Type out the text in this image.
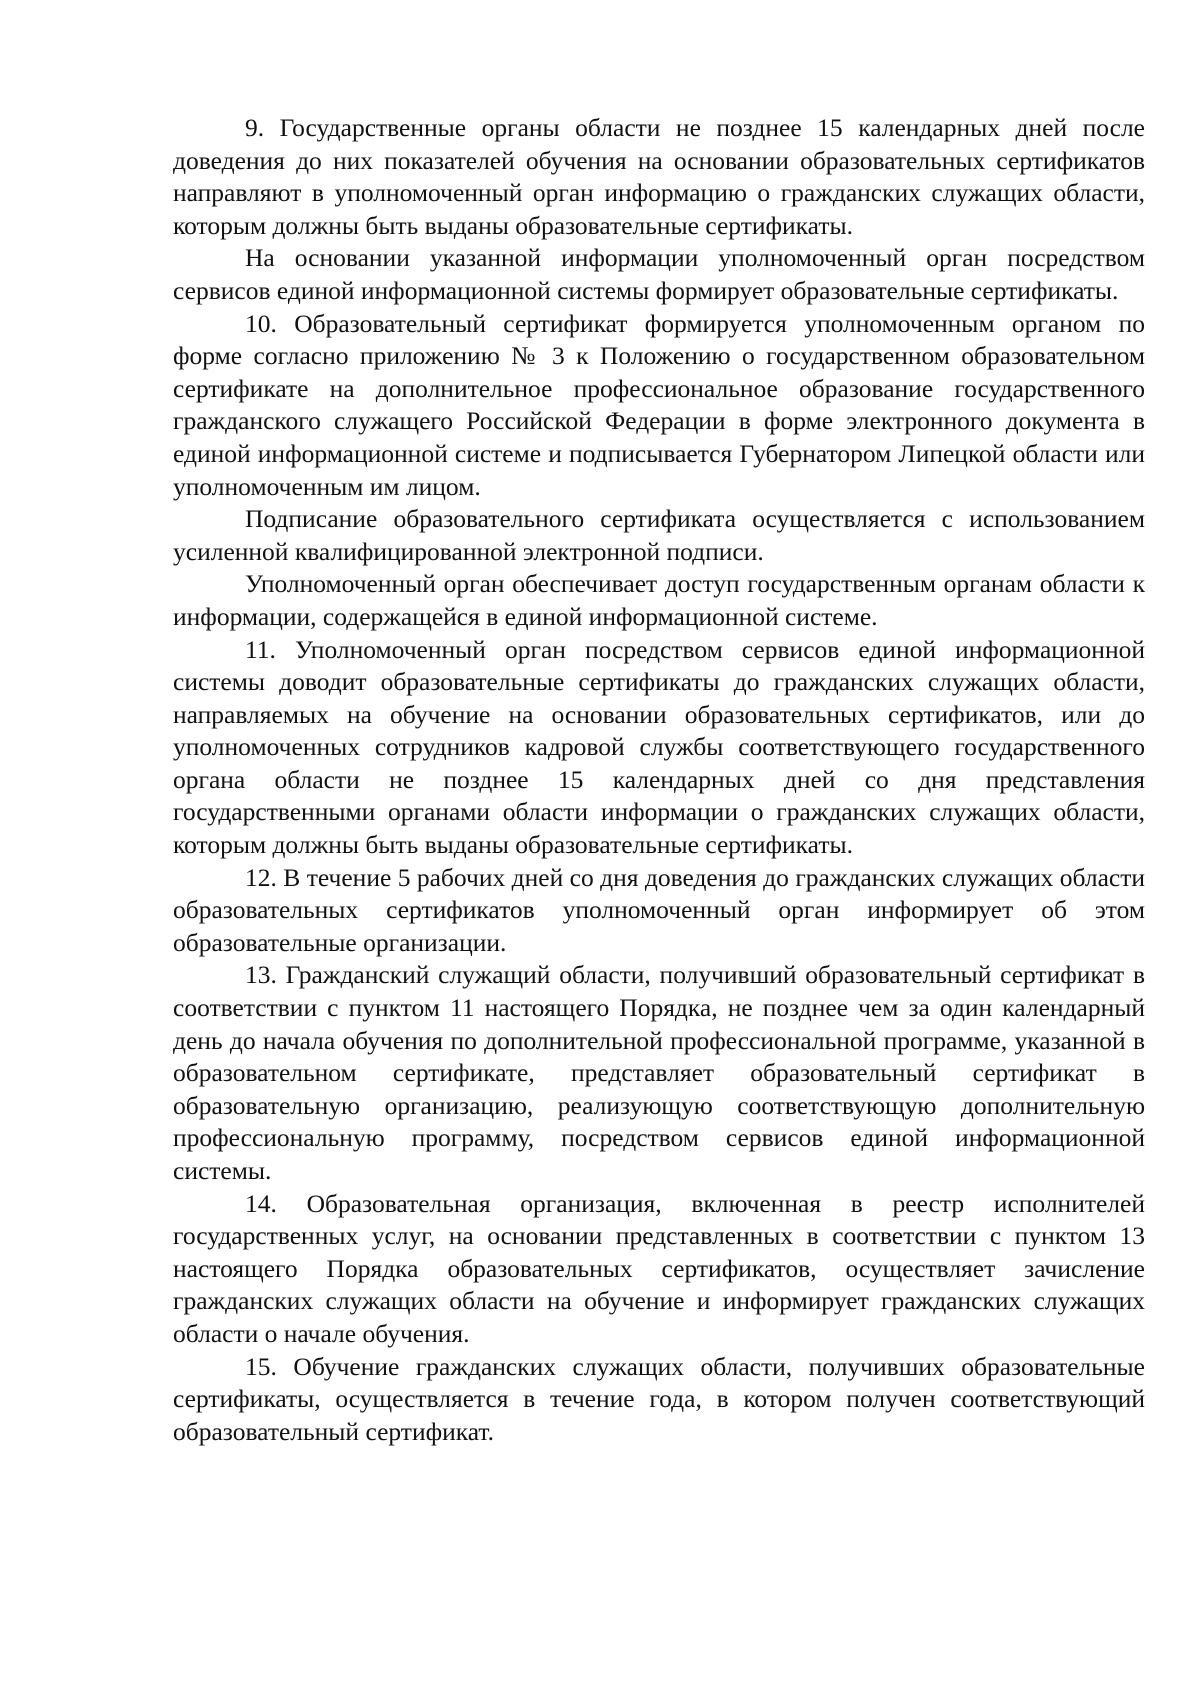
9. Государственные органы области не позднее 15 календарных дней после доведения до них показателей обучения на основании образовательных сертификатов направляют в уполномоченный орган информацию о гражданских служащих области, которым должны быть выданы образовательные сертификаты.

На основании указанной информации уполномоченный орган посредством сервисов единой информационной системы формирует образовательные сертификаты.

10. Образовательный сертификат формируется уполномоченным органом по форме согласно приложению № 3 к Положению о государственном образовательном сертификате на дополнительное профессиональное образование государственного гражданского служащего Российской Федерации в форме электронного документа в единой информационной системе и подписывается Губернатором Липецкой области или уполномоченным им лицом.

Подписание образовательного сертификата осуществляется с использованием усиленной квалифицированной электронной подписи.

Уполномоченный орган обеспечивает доступ государственным органам области к информации, содержащейся в единой информационной системе.

11. Уполномоченный орган посредством сервисов единой информационной системы доводит образовательные сертификаты до гражданских служащих области, направляемых на обучение на основании образовательных сертификатов, или до уполномоченных сотрудников кадровой службы соответствующего государственного органа области не позднее 15 календарных дней со дня представления государственными органами области информации о гражданских служащих области, которым должны быть выданы образовательные сертификаты.

12. В течение 5 рабочих дней со дня доведения до гражданских служащих области образовательных сертификатов уполномоченный орган информирует об этом образовательные организации.

13. Гражданский служащий области, получивший образовательный сертификат в соответствии с пунктом 11 настоящего Порядка, не позднее чем за один календарный день до начала обучения по дополнительной профессиональной программе, указанной в образовательном сертификате, представляет образовательный сертификат в образовательную организацию, реализующую соответствующую дополнительную профессиональную программу, посредством сервисов единой информационной системы.

14. Образовательная организация, включенная в реестр исполнителей государственных услуг, на основании представленных в соответствии с пунктом 13 настоящего Порядка образовательных сертификатов, осуществляет зачисление гражданских служащих области на обучение и информирует гражданских служащих области о начале обучения.

15. Обучение гражданских служащих области, получивших образовательные сертификаты, осуществляется в течение года, в котором получен соответствующий образовательный сертификат.
